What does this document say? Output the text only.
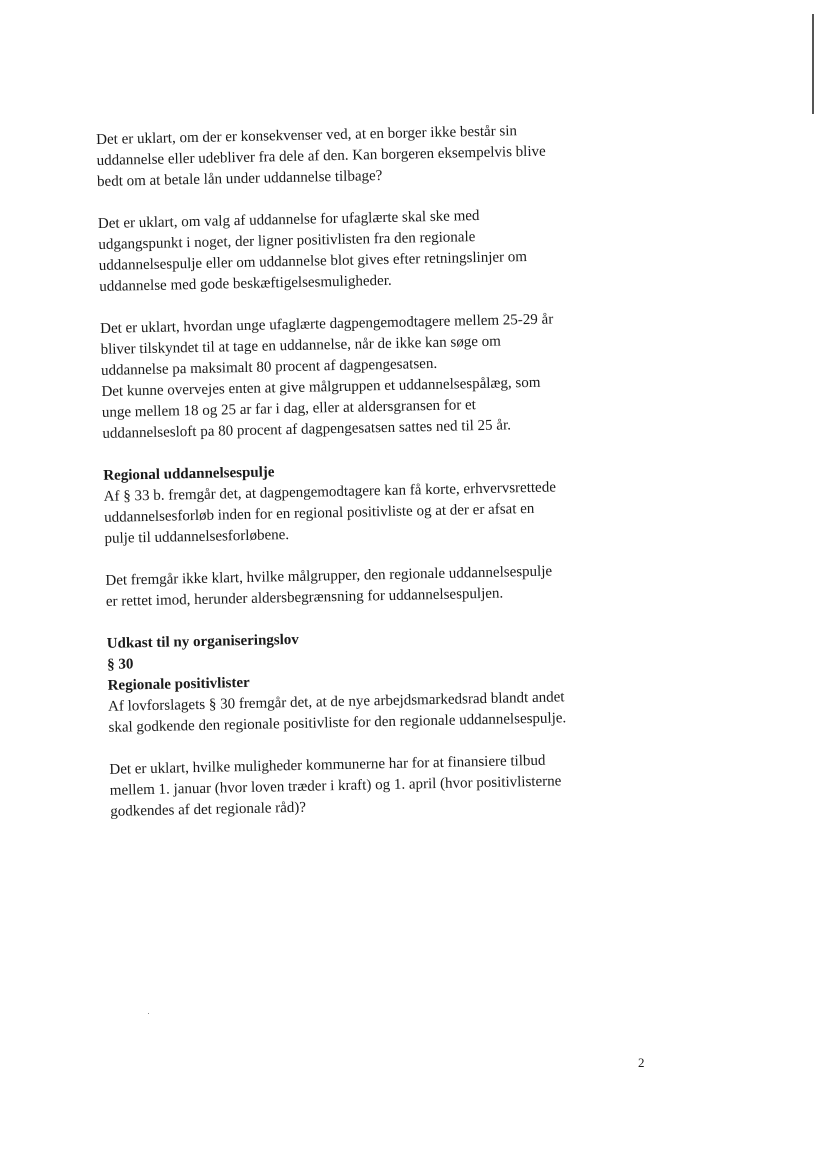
Det er uklart, om der er konsekvenser ved, at en borger ikke består sin
uddannelse eller udebliver fra dele af den. Kan borgeren eksempelvis blive
bedt om at betale lån under uddannelse tilbage?
Det er uklart, om valg af uddannelse for ufaglærte skal ske med
udgangspunkt i noget, der ligner positivlisten fra den regionale
uddannelsespulje eller om uddannelse blot gives efter retningslinjer om
uddannelse med gode beskæftigelsesmuligheder.
Det er uklart, hvordan unge ufaglærte dagpengemodtagere mellem 25-29 år
bliver tilskyndet til at tage en uddannelse, når de ikke kan søge om
uddannelse pa maksimalt 80 procent af dagpengesatsen.
Det kunne overvejes enten at give målgruppen et uddannelsespålæg, som
unge mellem 18 og 25 ar far i dag, eller at aldersgransen for et
uddannelsesloft pa 80 procent af dagpengesatsen sattes ned til 25 år.
Regional uddannelsespulje
Af § 33 b. fremgår det, at dagpengemodtagere kan få korte, erhvervsrettede
uddannelsesforløb inden for en regional positivliste og at der er afsat en
pulje til uddannelsesforløbene.
Det fremgår ikke klart, hvilke målgrupper, den regionale uddannelsespulje
er rettet imod, herunder aldersbegrænsning for uddannelsespuljen.
Udkast til ny organiseringslov
§ 30
Regionale positivlister
Af lovforslagets § 30 fremgår det, at de nye arbejdsmarkedsrad blandt andet
skal godkende den regionale positivliste for den regionale uddannelsespulje.
Det er uklart, hvilke muligheder kommunerne har for at finansiere tilbud
mellem 1. januar (hvor loven træder i kraft) og 1. april (hvor positivlisterne
godkendes af det regionale råd)?
2
